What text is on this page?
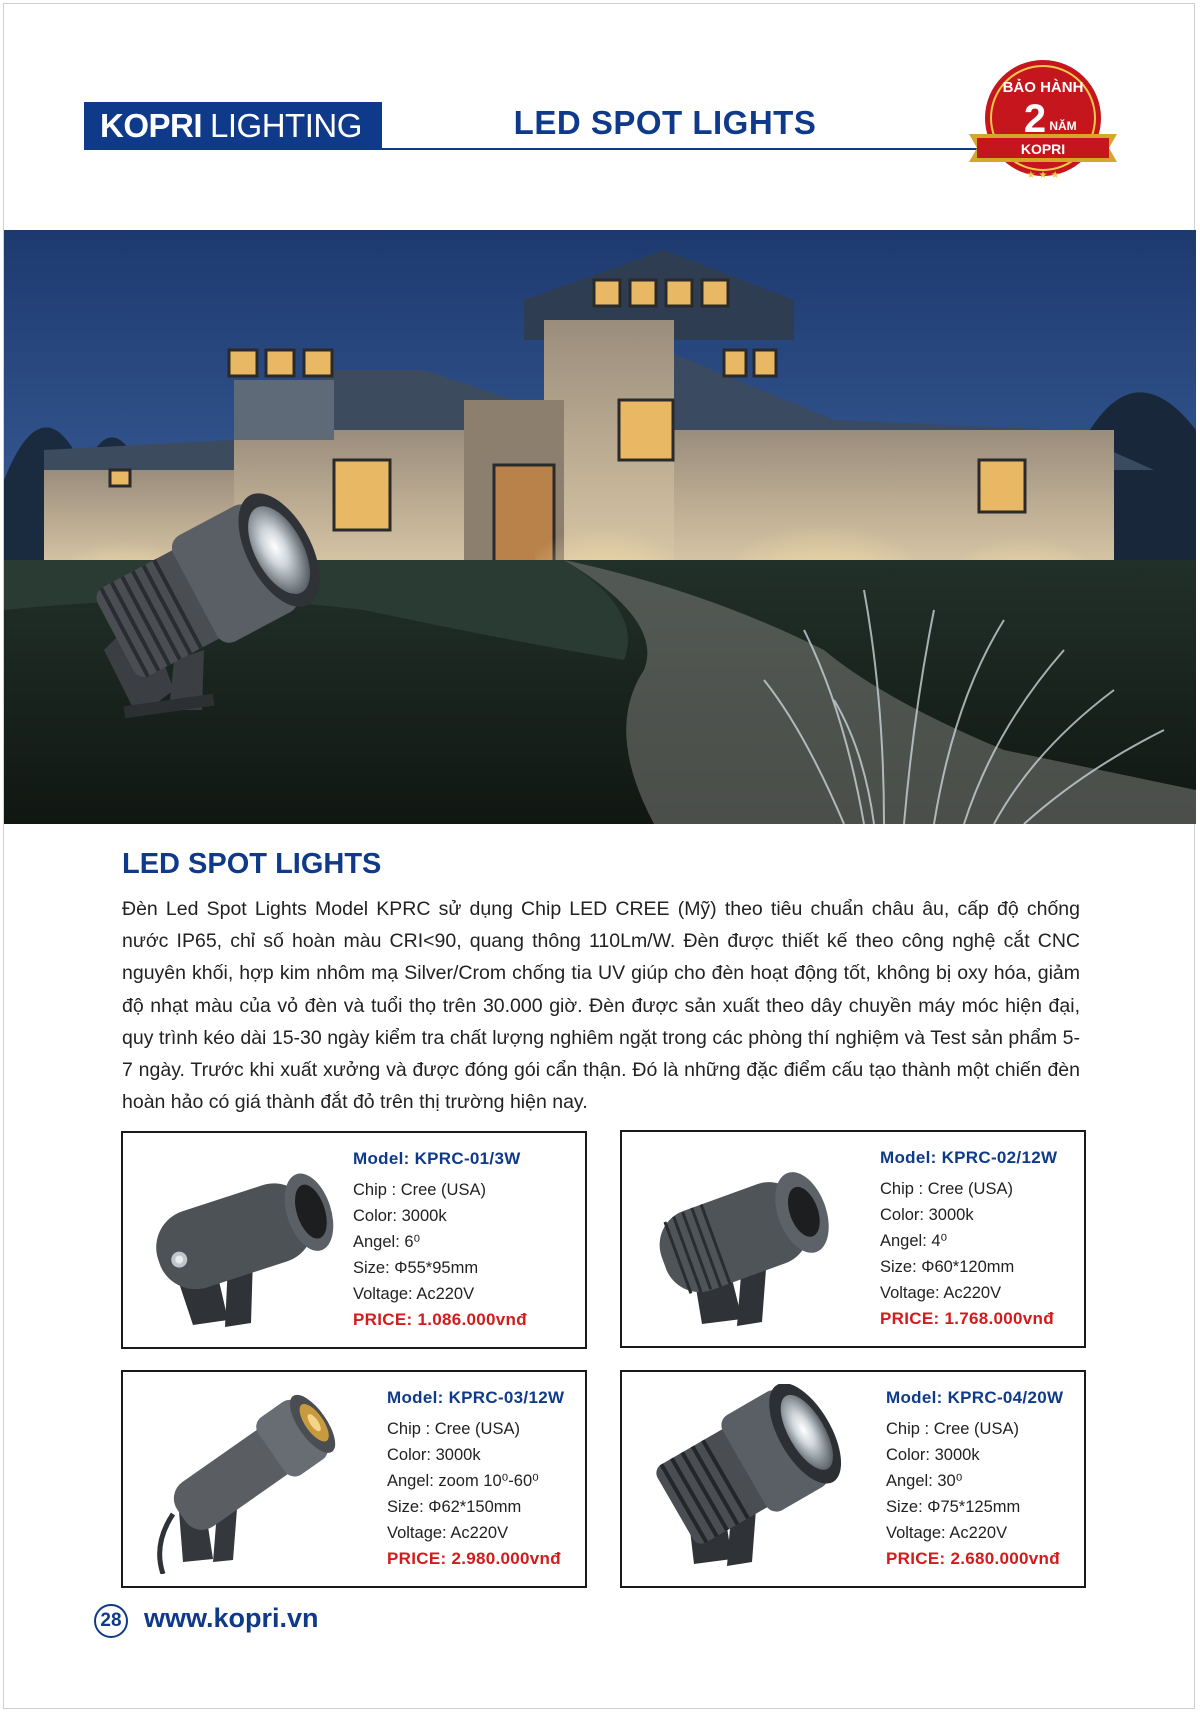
KOPRI LIGHTING	LED SPOT LIGHTS
BẢO HÀNH
2 NĂM
KOPRI
★ ★ ★
LED SPOT LIGHTS

Đèn Led Spot Lights Model KPRC sử dụng Chip LED CREE (Mỹ) theo tiêu chuẩn châu âu, cấp độ chống nước IP65, chỉ số hoàn màu CRI<90, quang thông 110Lm/W. Đèn được thiết kế theo công nghệ cắt CNC nguyên khối, hợp kim nhôm mạ Silver/Crom chống tia UV giúp cho đèn hoạt động tốt, không bị oxy hóa, giảm độ nhạt màu của vỏ đèn và tuổi thọ trên 30.000 giờ. Đèn được sản xuất theo dây chuyền máy móc hiện đại, quy trình kéo dài 15-30 ngày kiểm tra chất lượng nghiêm ngặt trong các phòng thí nghiệm và Test sản phẩm 5-7 ngày. Trước khi xuất xưởng và được đóng gói cẩn thận. Đó là những đặc điểm cấu tạo thành một chiến đèn hoàn hảo có giá thành đắt đỏ trên thị trường hiện nay.

Model: KPRC-01/3W
Chip : Cree (USA)
Color: 3000k
Angel: 6⁰
Size: Φ55*95mm
Voltage: Ac220V
PRICE: 1.086.000vnđ
Model: KPRC-02/12W
Chip : Cree (USA)
Color: 3000k
Angel: 4⁰
Size: Φ60*120mm
Voltage: Ac220V
PRICE: 1.768.000vnđ
Model: KPRC-03/12W
Chip : Cree (USA)
Color: 3000k
Angel: zoom 10⁰-60⁰
Size: Φ62*150mm
Voltage: Ac220V
PRICE: 2.980.000vnđ
Model: KPRC-04/20W
Chip : Cree (USA)
Color: 3000k
Angel: 30⁰
Size: Φ75*125mm
Voltage: Ac220V
PRICE: 2.680.000vnđ
28 www.kopri.vn
